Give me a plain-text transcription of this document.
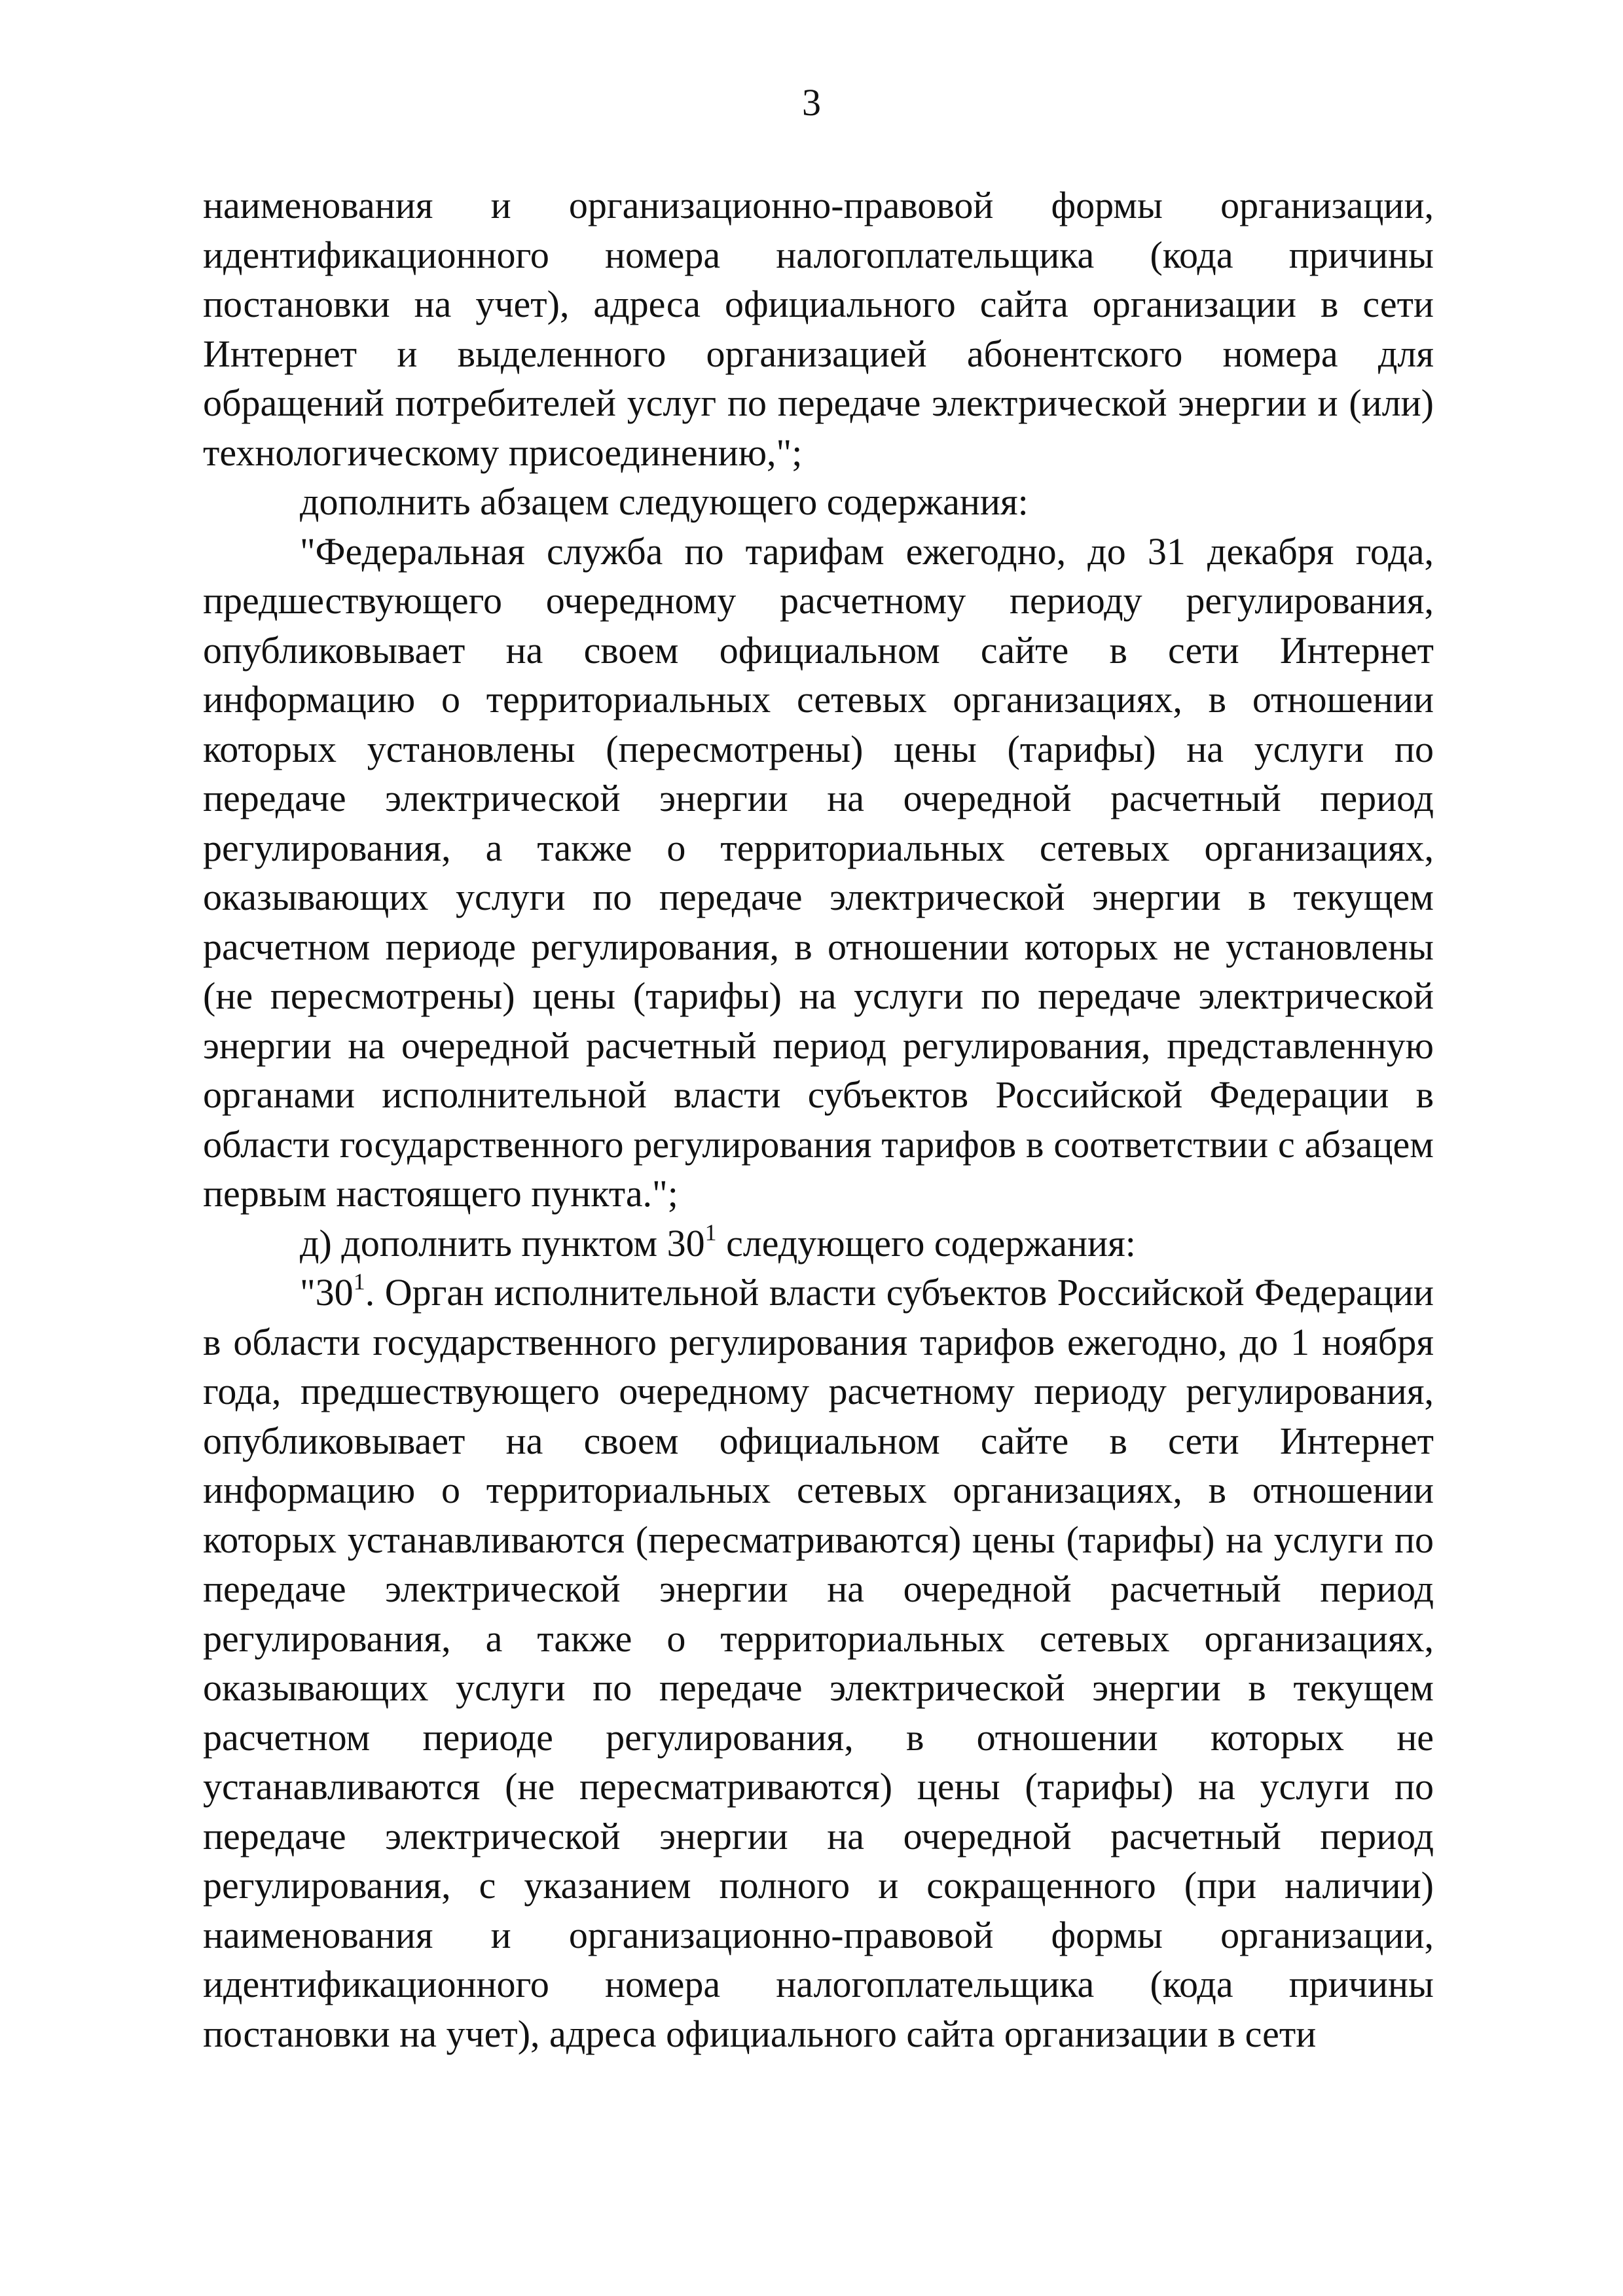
3

наименования и организационно-правовой формы организации, идентификационного номера налогоплательщика (кода причины постановки на учет), адреса официального сайта организации в сети Интернет и выделенного организацией абонентского номера для обращений потребителей услуг по передаче электрической энергии и (или) технологическому присоединению,";

дополнить абзацем следующего содержания:

"Федеральная служба по тарифам ежегодно, до 31 декабря года, предшествующего очередному расчетному периоду регулирования, опубликовывает на своем официальном сайте в сети Интернет информацию о территориальных сетевых организациях, в отношении которых установлены (пересмотрены) цены (тарифы) на услуги по передаче электрической энергии на очередной расчетный период регулирования, а также о территориальных сетевых организациях, оказывающих услуги по передаче электрической энергии в текущем расчетном периоде регулирования, в отношении которых не установлены (не пересмотрены) цены (тарифы) на услуги по передаче электрической энергии на очередной расчетный период регулирования, представленную органами исполнительной власти субъектов Российской Федерации в области государственного регулирования тарифов в соответствии с абзацем первым настоящего пункта.";

д) дополнить пунктом $30^1$ следующего содержания:

"$30^1$. Орган исполнительной власти субъектов Российской Федерации в области государственного регулирования тарифов ежегодно, до 1 ноября года, предшествующего очередному расчетному периоду регулирования, опубликовывает на своем официальном сайте в сети Интернет информацию о территориальных сетевых организациях, в отношении которых устанавливаются (пересматриваются) цены (тарифы) на услуги по передаче электрической энергии на очередной расчетный период регулирования, а также о территориальных сетевых организациях, оказывающих услуги по передаче электрической энергии в текущем расчетном периоде регулирования, в отношении которых не устанавливаются (не пересматриваются) цены (тарифы) на услуги по передаче электрической энергии на очередной расчетный период регулирования, с указанием полного и сокращенного (при наличии) наименования и организационно-правовой формы организации, идентификационного номера налогоплательщика (кода причины постановки на учет), адреса официального сайта организации в сети
